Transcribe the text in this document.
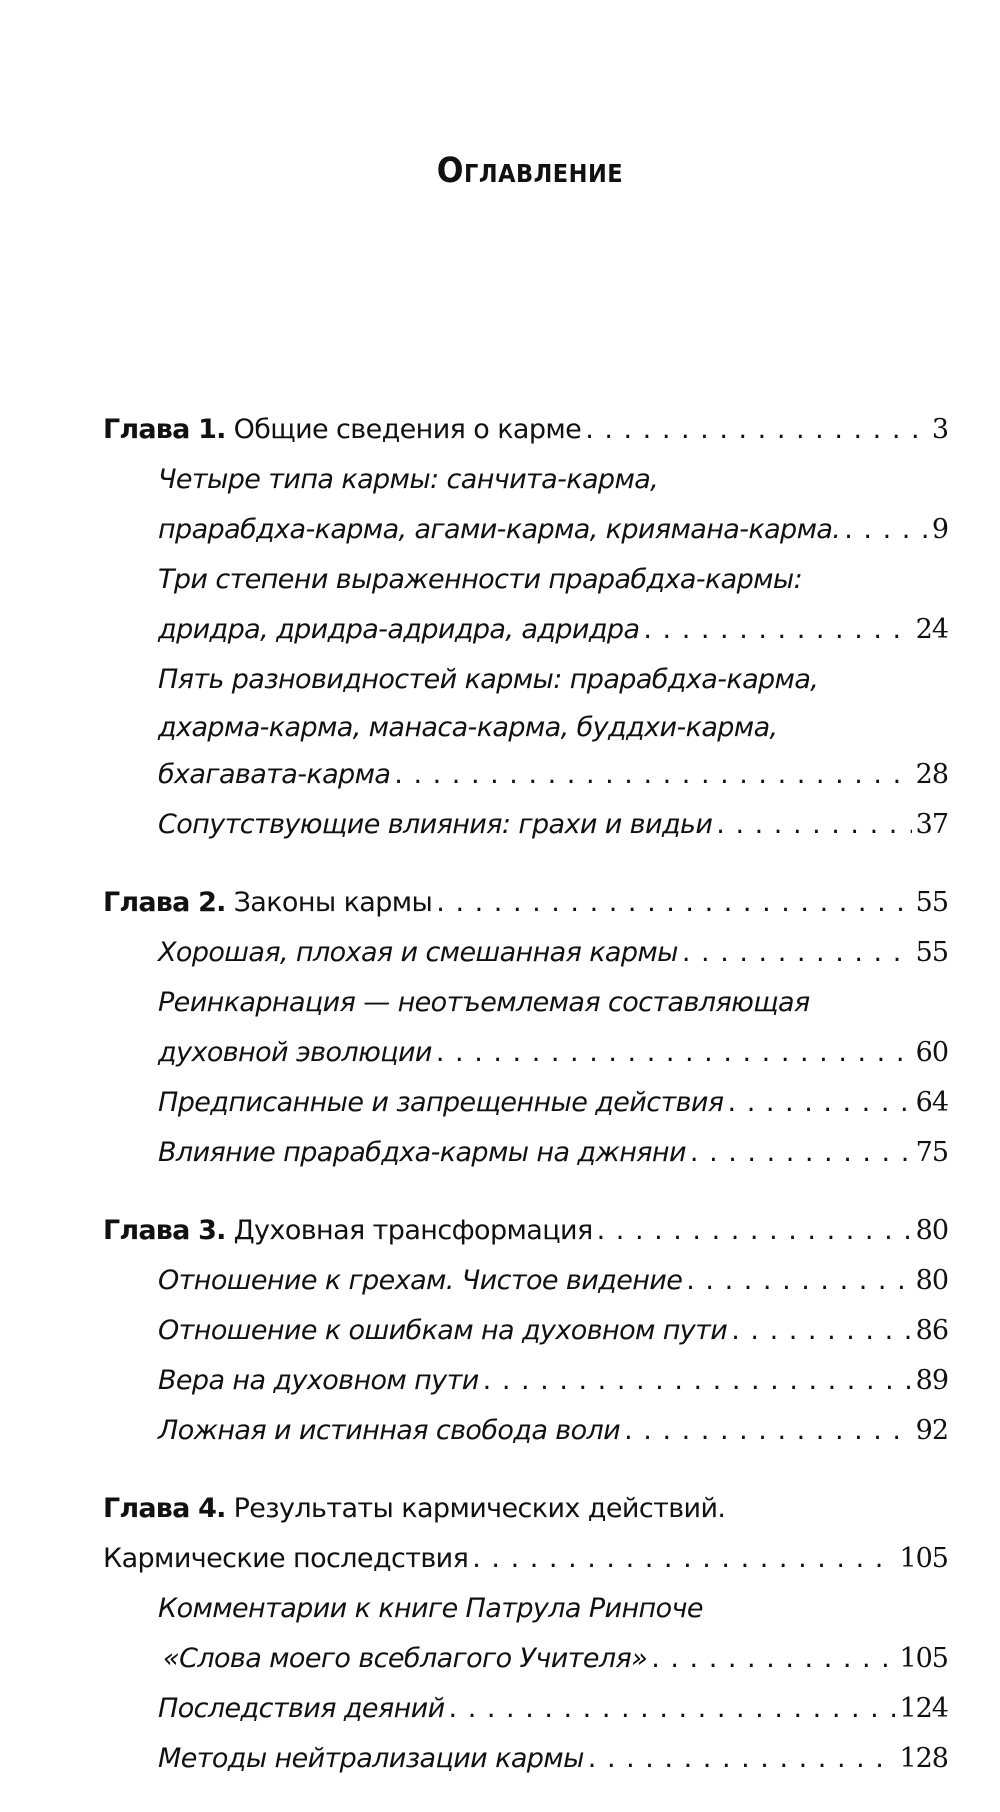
Оглавление
Глава 1. Общие сведения о карме . . .	3
Четыре типа кармы: санчита-карма,
прарабдха-карма, агами-карма, криямана-карма. . . .	9
Три степени выраженности прарабдха-кармы:
дридра, дридра-адридра, адридра . . .	24
Пять разновидностей кармы: прарабдха-карма,
дхарма-карма, манаса-карма, буддхи-карма,
бхагавата-карма . . .	28
Сопутствующие влияния: грахи и видьи . . .	37
Глава 2. Законы кармы . . .	55
Хорошая, плохая и смешанная кармы . . .	55
Реинкарнация — неотъемлемая составляющая
духовной эволюции . . .	60
Предписанные и запрещенные действия . . .	64
Влияние прарабдха-кармы на джняни . . .	75
Глава 3. Духовная трансформация . . .	80
Отношение к грехам. Чистое видение . . .	80
Отношение к ошибкам на духовном пути . . .	86
Вера на духовном пути . . .	89
Ложная и истинная свобода воли . . .	92
Глава 4. Результаты кармических действий.
Кармические последствия . . .	105
Комментарии к книге Патрула Ринпоче
«Слова моего всеблагого Учителя» . . .	105
Последствия деяний . . .	124
Методы нейтрализации кармы . . .	128
